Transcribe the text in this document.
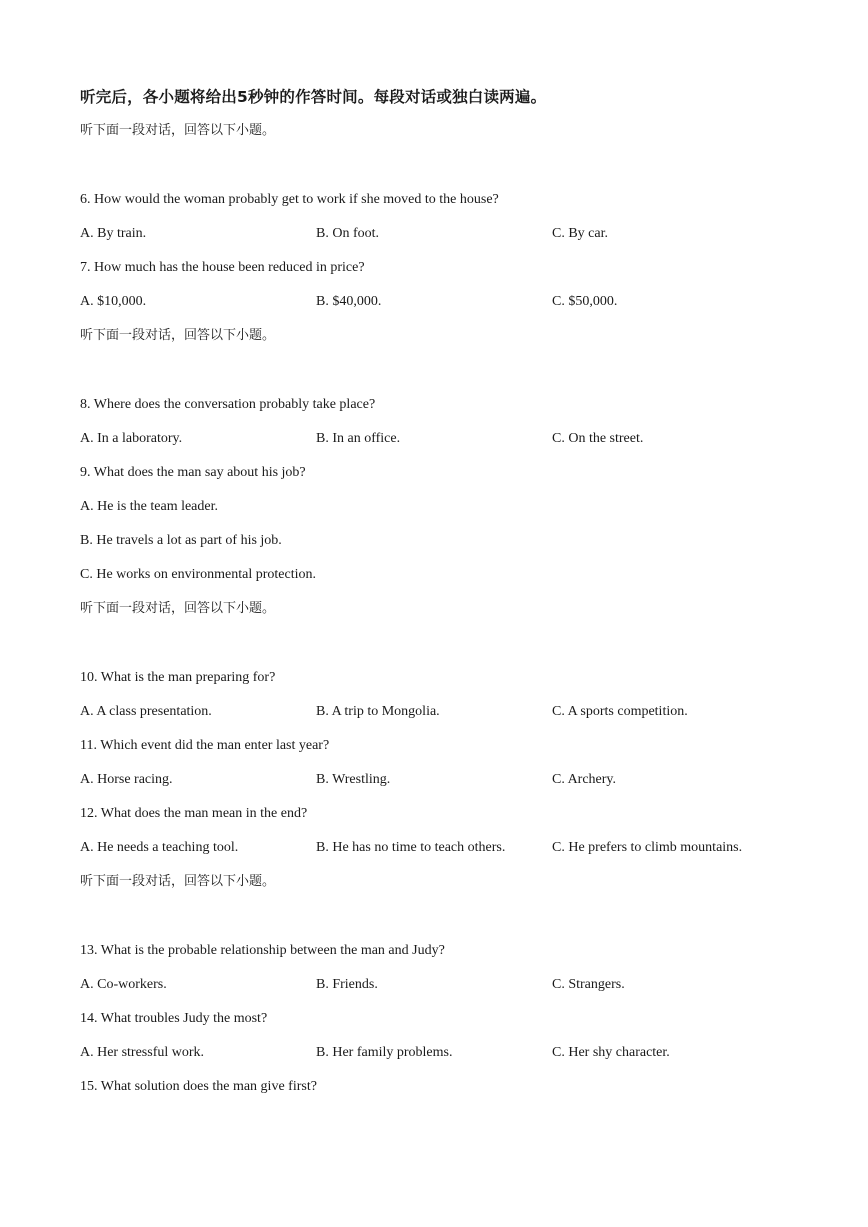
听完后，各小题将给出5秒钟的作答时间。每段对话或独白读两遍。
听下面一段对话，回答以下小题。
6. How would the woman probably get to work if she moved to the house?
A. By train.	B. On foot.	C. By car.
7. How much has the house been reduced in price?
A. $10,000.	B. $40,000.	C. $50,000.
听下面一段对话，回答以下小题。
8. Where does the conversation probably take place?
A. In a laboratory.	B. In an office.	C. On the street.
9. What does the man say about his job?
A. He is the team leader.
B. He travels a lot as part of his job.
C. He works on environmental protection.
听下面一段对话，回答以下小题。
10. What is the man preparing for?
A. A class presentation.	B. A trip to Mongolia.	C. A sports competition.
11. Which event did the man enter last year?
A. Horse racing.	B. Wrestling.	C. Archery.
12. What does the man mean in the end?
A. He needs a teaching tool.	B. He has no time to teach others.	C. He prefers to climb mountains.
听下面一段对话，回答以下小题。
13. What is the probable relationship between the man and Judy?
A. Co-workers.	B. Friends.	C. Strangers.
14. What troubles Judy the most?
A. Her stressful work.	B. Her family problems.	C. Her shy character.
15. What solution does the man give first?
